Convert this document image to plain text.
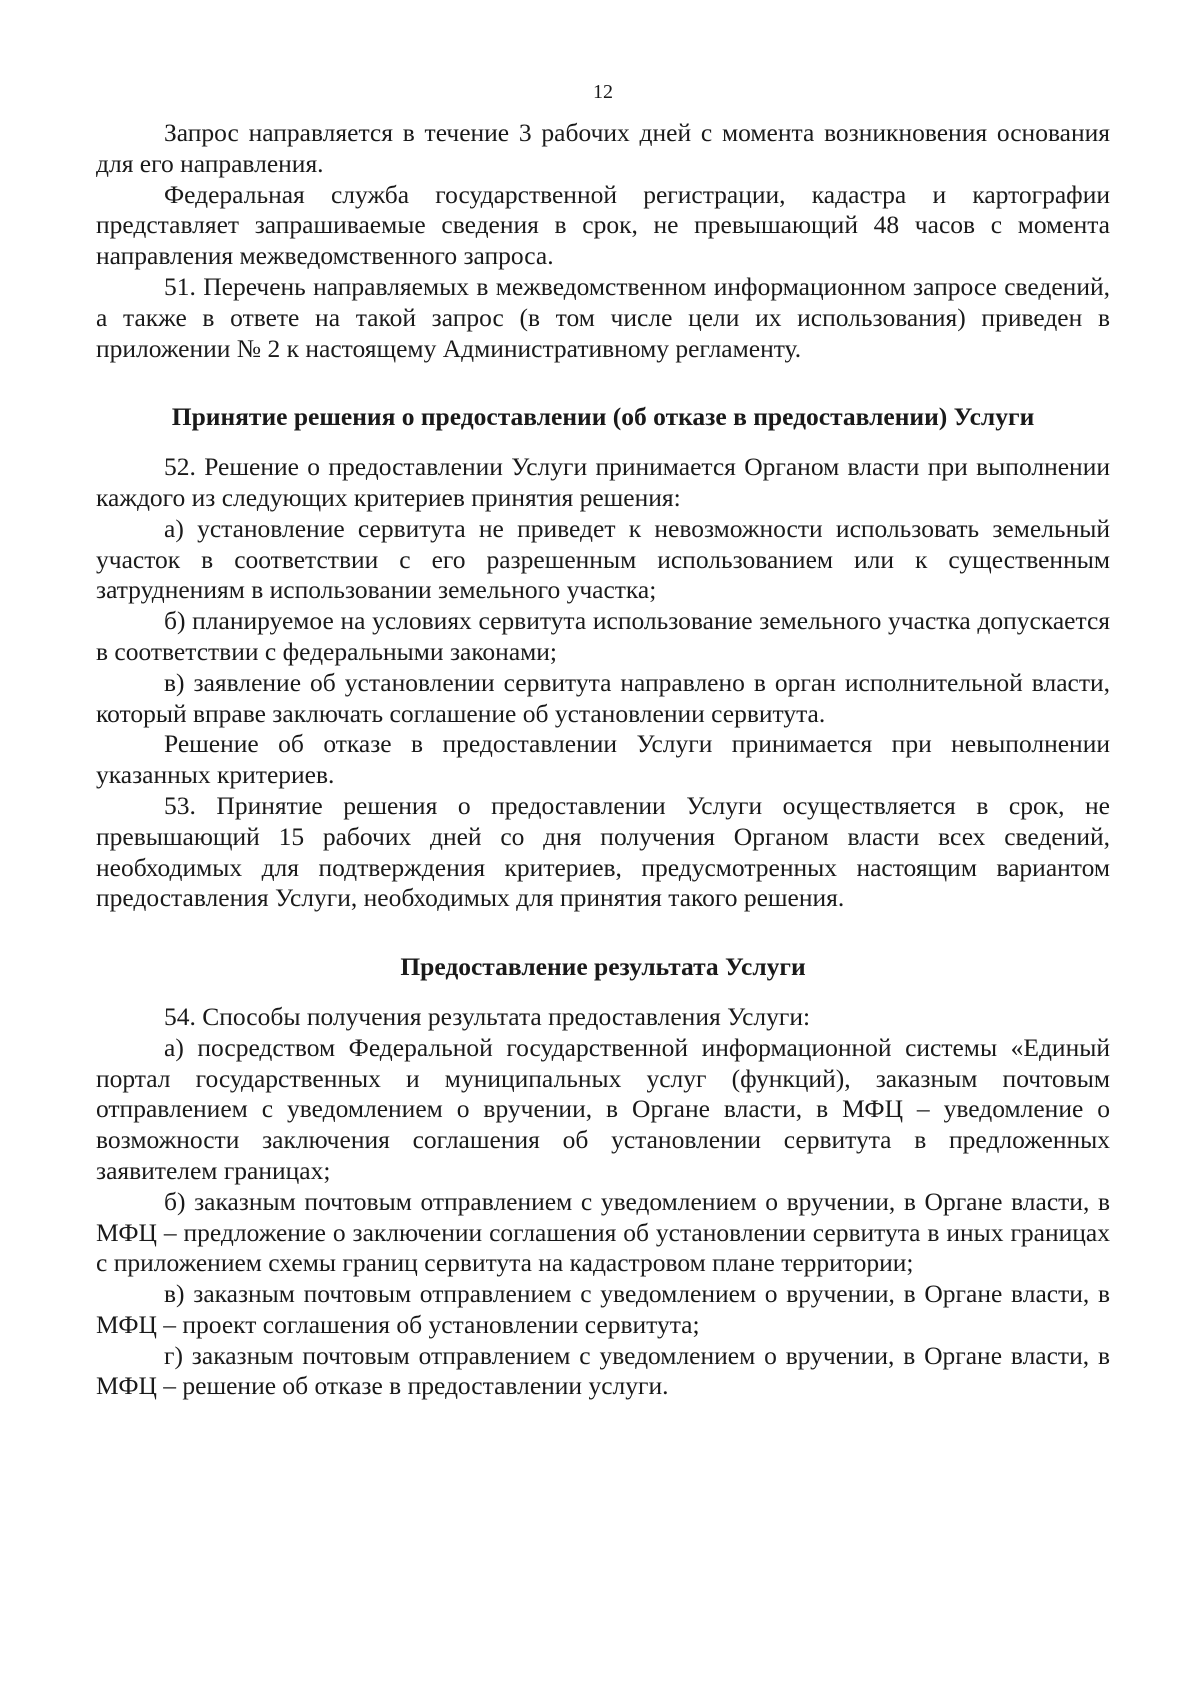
12

Запрос направляется в течение 3 рабочих дней с момента возникновения основания для его направления.

Федеральная служба государственной регистрации, кадастра и картографии представляет запрашиваемые сведения в срок, не превышающий 48 часов с момента направления межведомственного запроса.

51. Перечень направляемых в межведомственном информационном запросе сведений, а также в ответе на такой запрос (в том числе цели их использования) приведен в приложении № 2 к настоящему Административному регламенту.

Принятие решения о предоставлении (об отказе в предоставлении) Услуги

52. Решение о предоставлении Услуги принимается Органом власти при выполнении каждого из следующих критериев принятия решения:

а) установление сервитута не приведет к невозможности использовать земельный участок в соответствии с его разрешенным использованием или к существенным затруднениям в использовании земельного участка;

б) планируемое на условиях сервитута использование земельного участка допускается в соответствии с федеральными законами;

в) заявление об установлении сервитута направлено в орган исполнительной власти, который вправе заключать соглашение об установлении сервитута.

Решение об отказе в предоставлении Услуги принимается при невыполнении указанных критериев.

53. Принятие решения о предоставлении Услуги осуществляется в срок, не превышающий 15 рабочих дней со дня получения Органом власти всех сведений, необходимых для подтверждения критериев, предусмотренных настоящим вариантом предоставления Услуги, необходимых для принятия такого решения.

Предоставление результата Услуги

54. Способы получения результата предоставления Услуги:

а) посредством Федеральной государственной информационной системы «Единый портал государственных и муниципальных услуг (функций), заказным почтовым отправлением с уведомлением о вручении, в Органе власти, в МФЦ – уведомление о возможности заключения соглашения об установлении сервитута в предложенных заявителем границах;

б) заказным почтовым отправлением с уведомлением о вручении, в Органе власти, в МФЦ – предложение о заключении соглашения об установлении сервитута в иных границах с приложением схемы границ сервитута на кадастровом плане территории;

в) заказным почтовым отправлением с уведомлением о вручении, в Органе власти, в МФЦ – проект соглашения об установлении сервитута;

г) заказным почтовым отправлением с уведомлением о вручении, в Органе власти, в МФЦ – решение об отказе в предоставлении услуги.
